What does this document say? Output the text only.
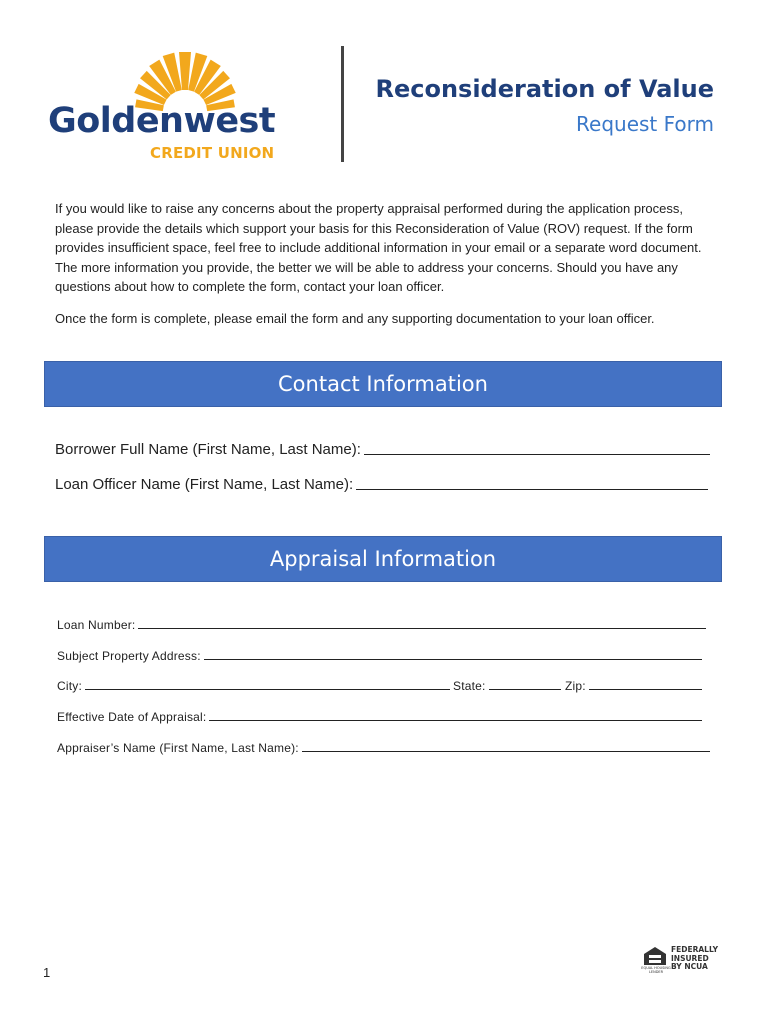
Goldenwest
CREDIT UNION
Reconsideration of Value
Request Form

If you would like to raise any concerns about the property appraisal performed during the application process, please provide the details which support your basis for this Reconsideration of Value (ROV) request. If the form provides insufficient space, feel free to include additional information in your email or a separate word document. The more information you provide, the better we will be able to address your concerns. Should you have any questions about how to complete the form, contact your loan officer.

Once the form is complete, please email the form and any supporting documentation to your loan officer.

Contact Information
Borrower Full Name (First Name, Last Name):
Loan Officer Name (First Name, Last Name):
Appraisal Information
Loan Number:
Subject Property Address:
City:	State:	Zip:
Effective Date of Appraisal:
Appraiser’s Name (First Name, Last Name):
1
FEDERALLY
INSURED
BY NCUA
EQUAL HOUSING LENDER
